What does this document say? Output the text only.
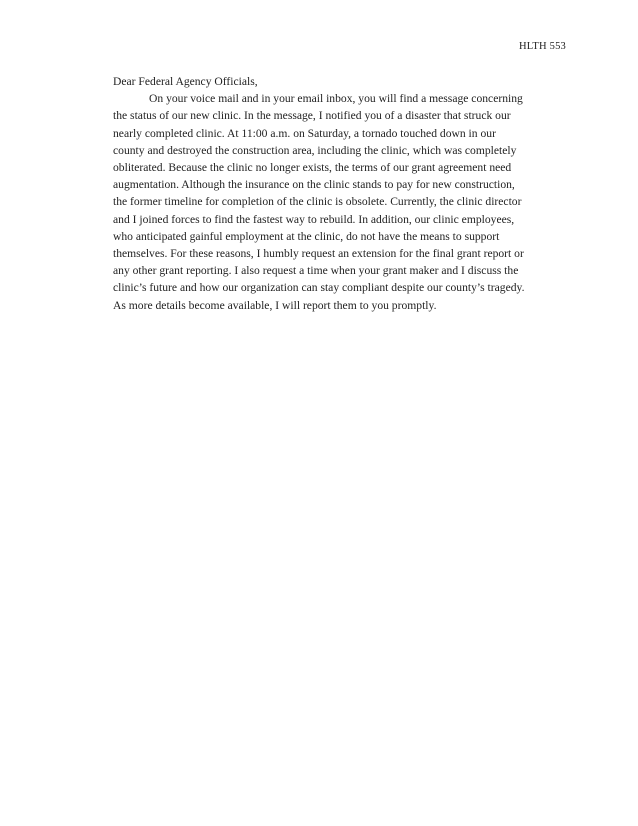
HLTH 553

Dear Federal Agency Officials,

On your voice mail and in your email inbox, you will find a message concerning
the status of our new clinic. In the message, I notified you of a disaster that struck our
nearly completed clinic. At 11:00 a.m. on Saturday, a tornado touched down in our
county and destroyed the construction area, including the clinic, which was completely
obliterated. Because the clinic no longer exists, the terms of our grant agreement need
augmentation. Although the insurance on the clinic stands to pay for new construction,
the former timeline for completion of the clinic is obsolete. Currently, the clinic director
and I joined forces to find the fastest way to rebuild. In addition, our clinic employees,
who anticipated gainful employment at the clinic, do not have the means to support
themselves. For these reasons, I humbly request an extension for the final grant report or
any other grant reporting. I also request a time when your grant maker and I discuss the
clinic’s future and how our organization can stay compliant despite our county’s tragedy.
As more details become available, I will report them to you promptly.
